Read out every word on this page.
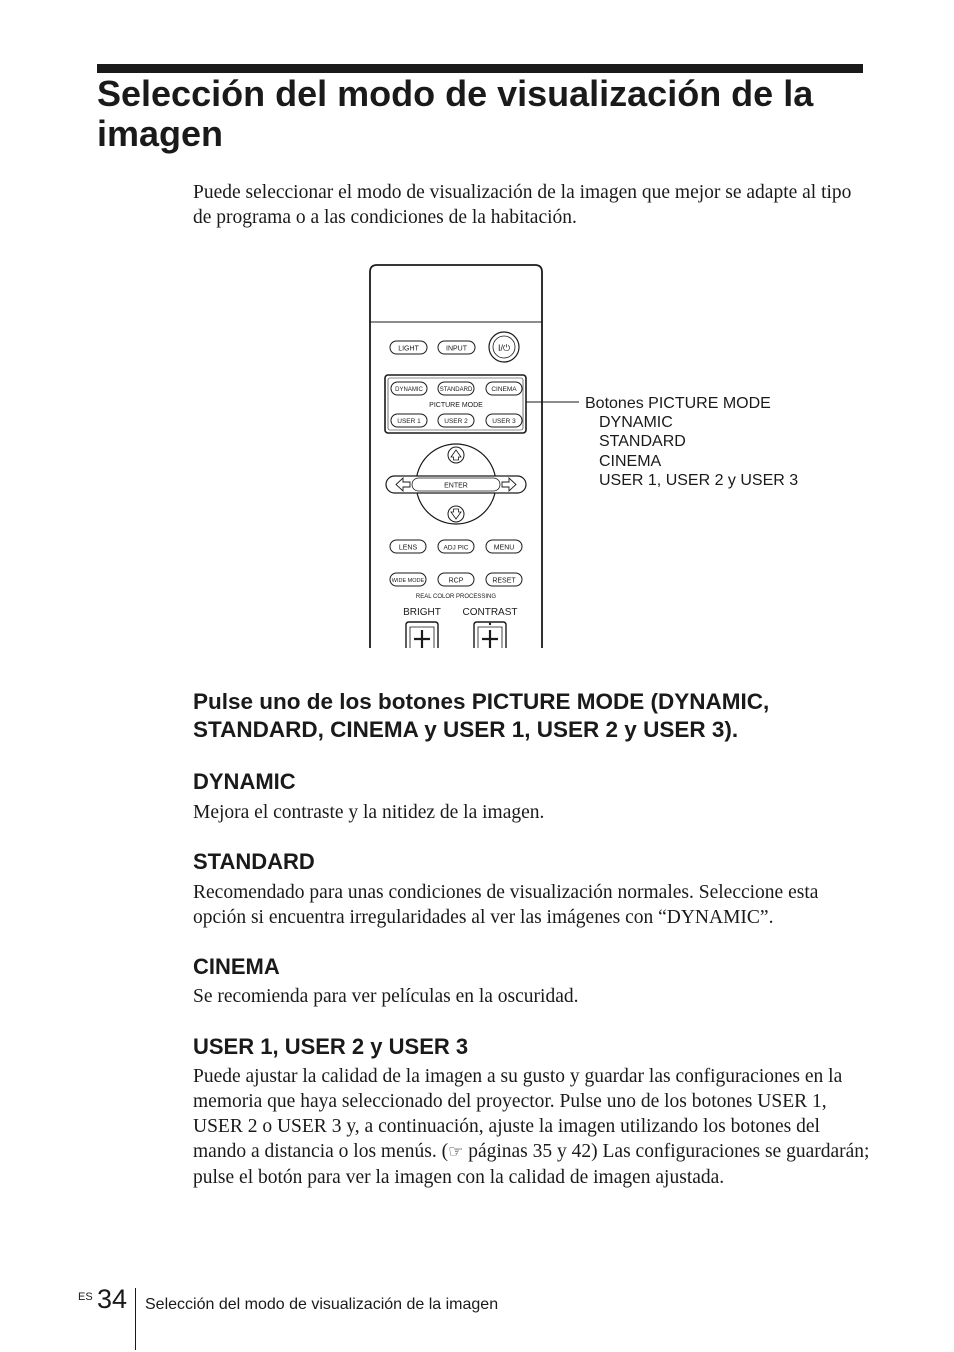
Selección del modo de visualización de la imagen

Puede seleccionar el modo de visualización de la imagen que mejor se adapte al tipo de programa o a las condiciones de la habitación.

LIGHT	INPUT	I/⏻
DYNAMIC	STANDARD	CINEMA
PICTURE MODE
USER 1	USER 2	USER 3
Botones PICTURE MODE
DYNAMIC
STANDARD
CINEMA
USER 1, USER 2 y USER 3
ENTER
LENS	ADJ PIC	MENU
WIDE MODE	RCP	RESET
REAL COLOR PROCESSING
BRIGHT CONTRAST
Pulse uno de los botones PICTURE MODE (DYNAMIC, STANDARD, CINEMA y USER 1, USER 2 y USER 3).
DYNAMIC

Mejora el contraste y la nitidez de la imagen.

STANDARD

Recomendado para unas condiciones de visualización normales. Seleccione esta opción si encuentra irregularidades al ver las imágenes con “DYNAMIC”.

CINEMA

Se recomienda para ver películas en la oscuridad.

USER 1, USER 2 y USER 3

Puede ajustar la calidad de la imagen a su gusto y guardar las configuraciones en la memoria que haya seleccionado del proyector. Pulse uno de los botones USER 1, USER 2 o USER 3 y, a continuación, ajuste la imagen utilizando los botones del mando a distancia o los menús. (☞ páginas 35 y 42) Las configuraciones se guardarán; pulse el botón para ver la imagen con la calidad de imagen ajustada.

ES 34 Selección del modo de visualización de la imagen
